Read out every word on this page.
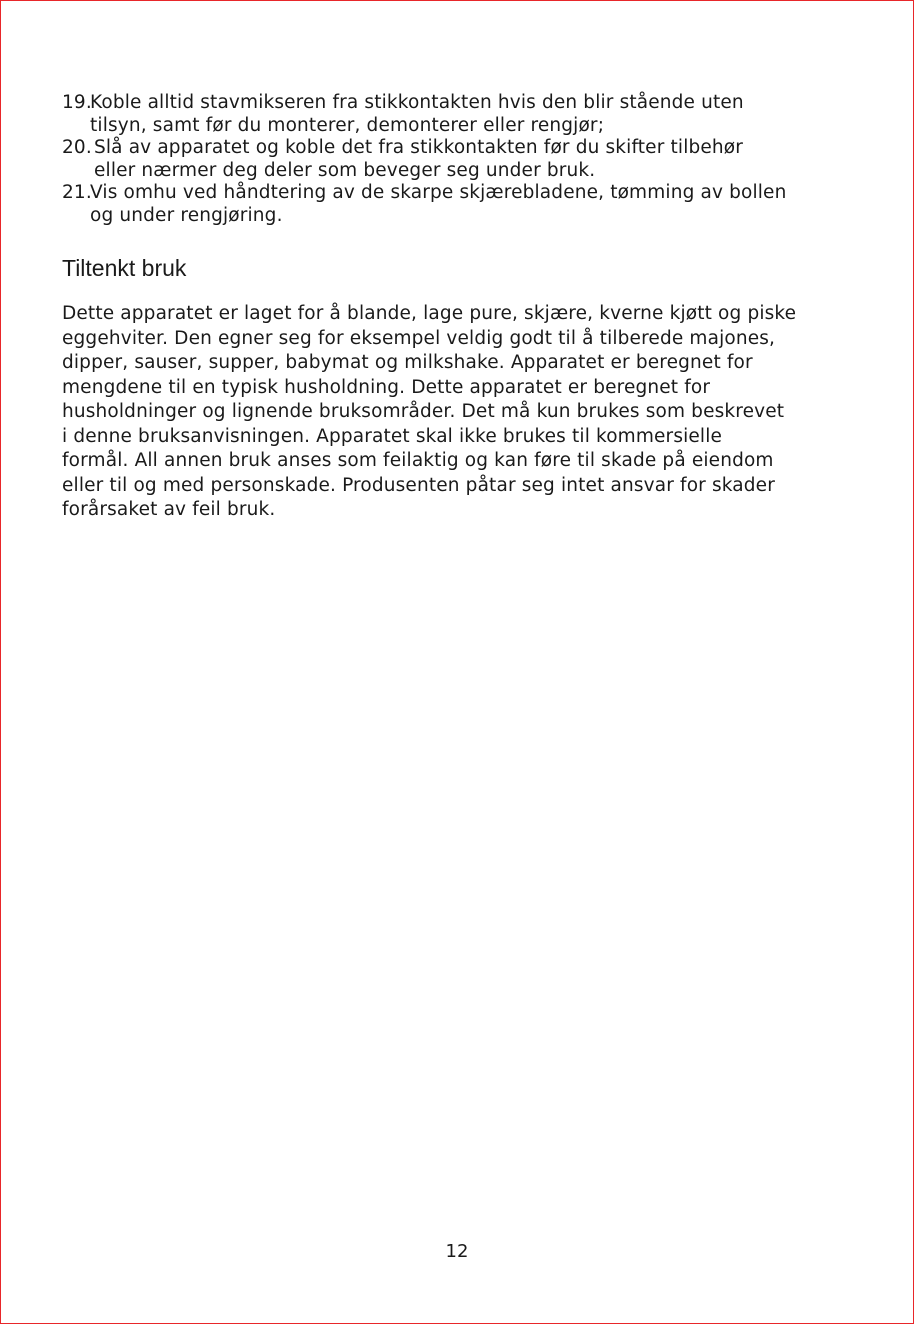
19.
Koble alltid stavmikseren fra stikkontakten hvis den blir stående uten
tilsyn, samt før du monterer, demonterer eller rengjør;
20. Slå av apparatet og koble det fra stikkontakten før du skifter tilbehør
eller nærmer deg deler som beveger seg under bruk.
21.
Vis omhu ved håndtering av de skarpe skjærebladene, tømming av bollen
og under rengjøring.
Tiltenkt bruk

Dette apparatet er laget for å blande, lage pure, skjære, kverne kjøtt og piske
eggehviter. Den egner seg for eksempel veldig godt til å tilberede majones,
dipper, sauser, supper, babymat og milkshake. Apparatet er beregnet for
mengdene til en typisk husholdning. Dette apparatet er beregnet for
husholdninger og lignende bruksområder. Det må kun brukes som beskrevet
i denne bruksanvisningen. Apparatet skal ikke brukes til kommersielle
formål. All annen bruk anses som feilaktig og kan føre til skade på eiendom
eller til og med personskade. Produsenten påtar seg intet ansvar for skader
forårsaket av feil bruk.

12
